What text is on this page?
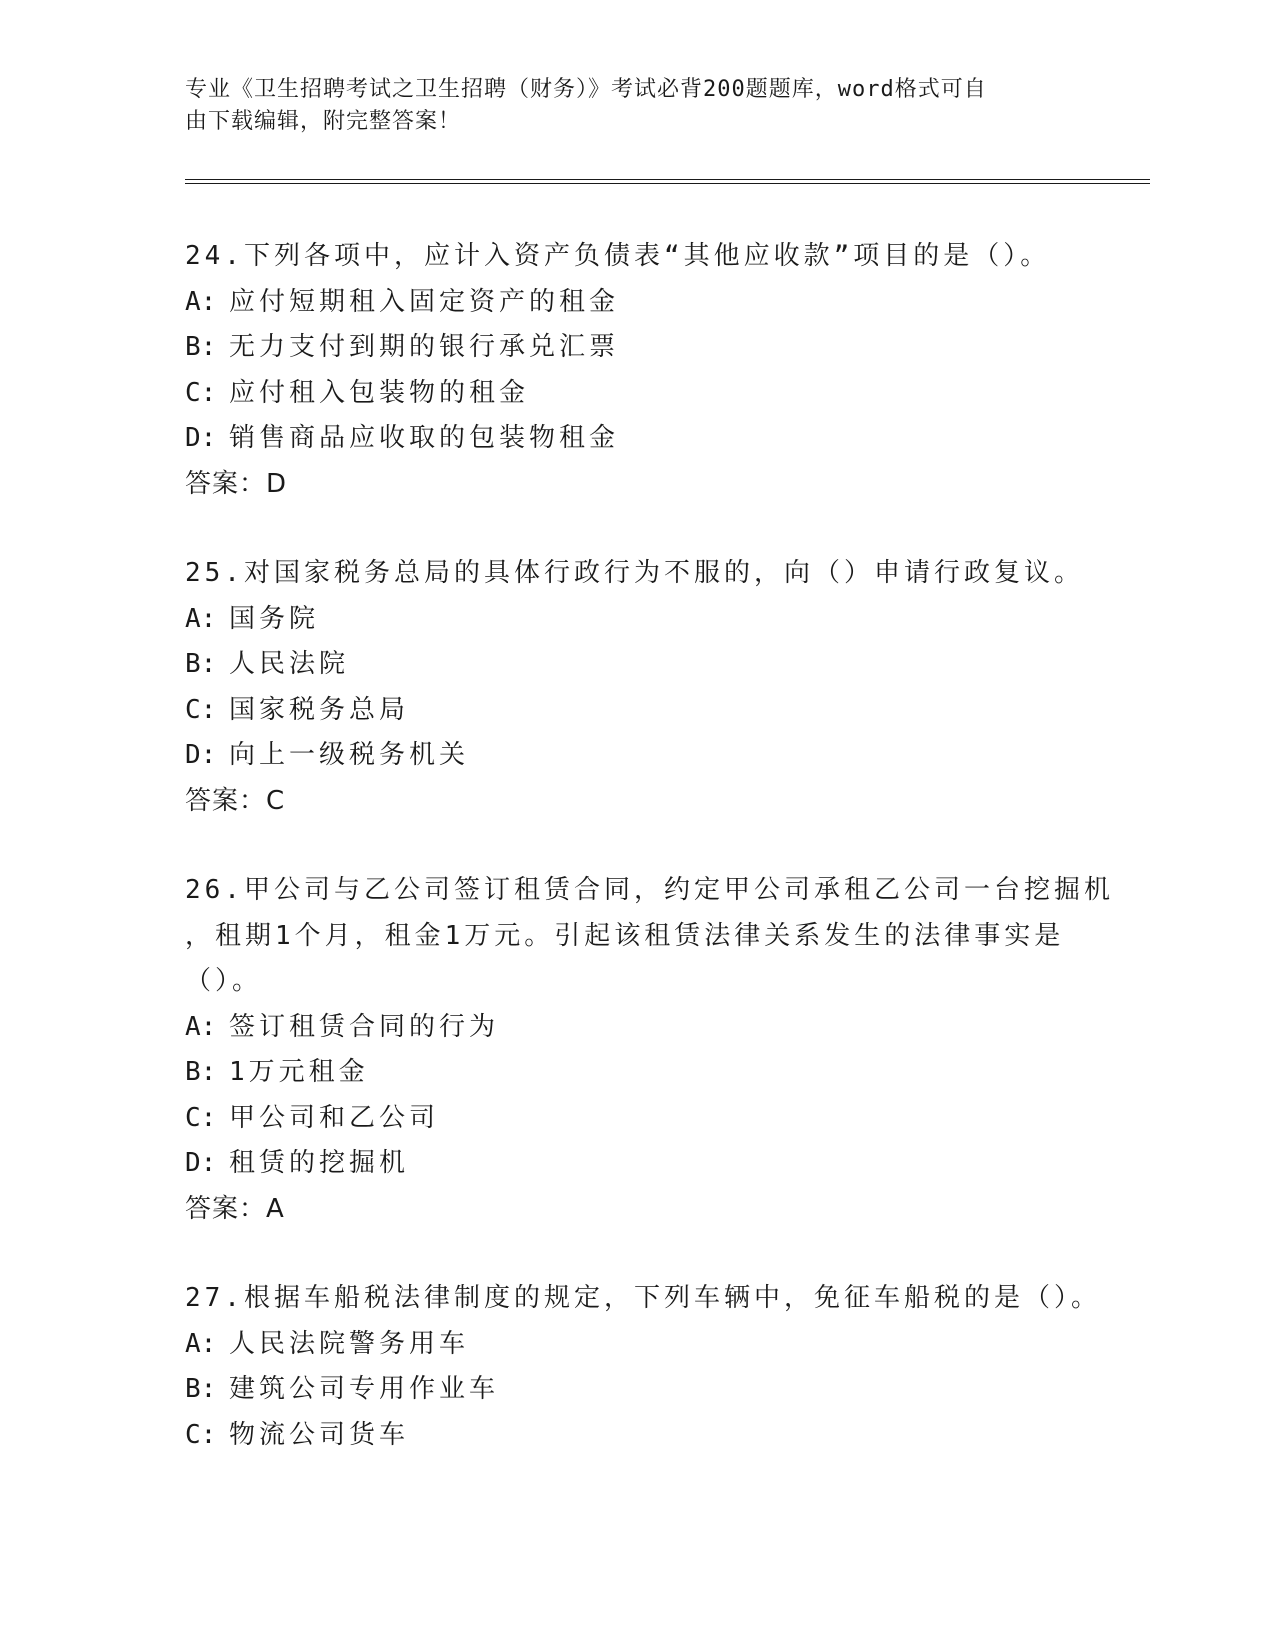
专业《卫生招聘考试之卫生招聘（财务）》考试必背200题题库，word格式可自
由下载编辑，附完整答案！
24.下列各项中，应计入资产负债表“其他应收款”项目的是（）。
A: 应付短期租入固定资产的租金
B: 无力支付到期的银行承兑汇票
C: 应付租入包装物的租金
D: 销售商品应收取的包装物租金
答案：D
25.对国家税务总局的具体行政行为不服的，向（）申请行政复议。
A: 国务院
B: 人民法院
C: 国家税务总局
D: 向上一级税务机关
答案：C
26.甲公司与乙公司签订租赁合同，约定甲公司承租乙公司一台挖掘机
，租期1个月，租金1万元。引起该租赁法律关系发生的法律事实是
（）。
A: 签订租赁合同的行为
B: 1万元租金
C: 甲公司和乙公司
D: 租赁的挖掘机
答案：A
27.根据车船税法律制度的规定，下列车辆中，免征车船税的是（）。
A: 人民法院警务用车
B: 建筑公司专用作业车
C: 物流公司货车
